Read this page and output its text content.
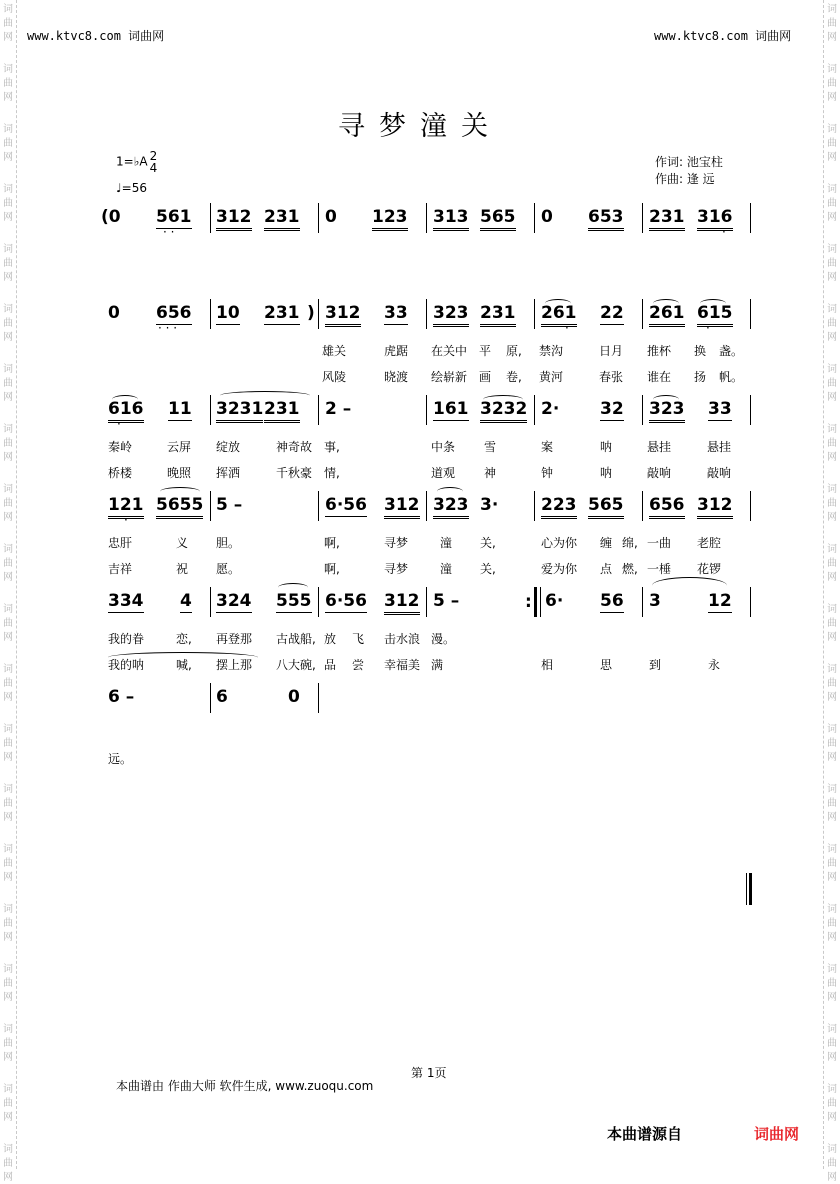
词
曲
网
词
曲
网
词
曲
网
词
曲
网
词
曲
网
词
曲
网
词
曲
网
词
曲
网
词
曲
网
词
曲
网
词
曲
网
词
曲
网
词
曲
网
词
曲
网
词
曲
网
词
曲
网
词
曲
网
词
曲
网
词
曲
网
词
曲
网
词
曲
网
词
曲
网
词
曲
网
词
曲
网
词
曲
网
词
曲
网
词
曲
网
词
曲
网
词
曲
网
词
曲
网
词
曲
网
词
曲
网
词
曲
网
词
曲
网
词
曲
网
词
曲
网
词
曲
网
词
曲
网
词
曲
网
词
曲
网
www.ktvc8.com 词曲网	www.ktvc8.com 词曲网
寻梦潼关
1=♭A 2
4
♩=56
作词: 池宝柱
作曲: 逢 远
(0 561
· ·
312 231 0 123 313 565 0 653 231 316
·
0 656
· · ·
10 231 ) 312 33 323 231 261
·
22 261 615
·
雄关	虎踞 在关中 平 原, 禁沟	日月 推杯 换 盏。
风陵	晓渡 绘崭新 画 卷, 黄河	春张 谁在 扬 帆。
616
·
11 3231 231 2 –	161 3232 2· 32 323 33
秦岭	云屏 绽放	神奇故 事,	中条 雪	案	呐	悬挂	悬挂
桥楼	晚照 挥洒	千秋豪 情,	道观 神	钟	呐	敲响	敲响
121
·
5655 5 –	6·56 312 323 3·	223 565 656 312
忠肝	义 胆。	啊,	寻梦	潼 关,	心为你 缠 绵, 一曲 老腔
吉祥	祝 愿。	啊,	寻梦	潼 关,	爱为你 点 燃, 一棰 花锣
334 4 324 555 6·56 312 5 –	: 6· 56 3	12
我的眷	恋, 再登那 古战船, 放 飞 击水浪 漫。
我的呐	喊, 摆上那 八大碗, 品 尝 幸福美 满	相	思	到	永
6 –	6	0
远。
第 1页
本曲谱由 作曲大师 软件生成, www.zuoqu.com
本曲谱源自	词曲网
